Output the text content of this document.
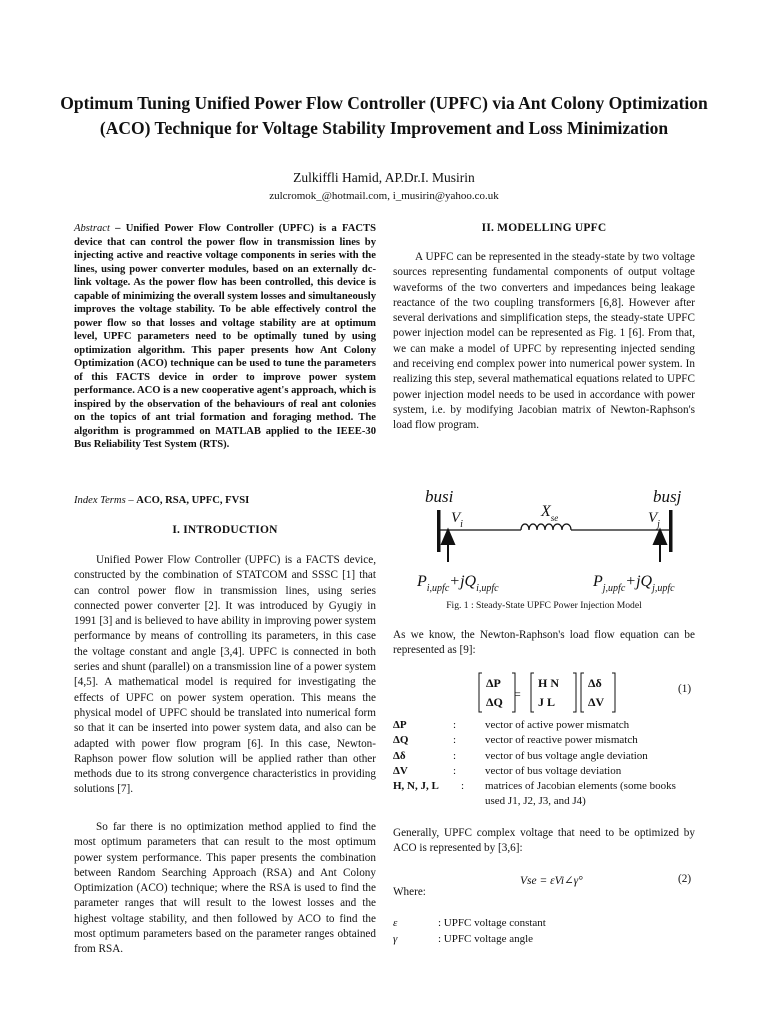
Optimum Tuning Unified Power Flow Controller (UPFC) via Ant Colony Optimization (ACO) Technique for Voltage Stability Improvement and Loss Minimization
Zulkiffli Hamid, AP.Dr.I. Musirin
zulcromok_@hotmail.com, i_musirin@yahoo.co.uk

Abstract – Unified Power Flow Controller (UPFC) is a FACTS device that can control the power flow in transmission lines by injecting active and reactive voltage components in series with the lines, using power converter modules, based on an externally dc-link voltage. As the power flow has been controlled, this device is capable of minimizing the overall system losses and simultaneously improves the voltage stability. To be able effectively control the power flow so that losses and voltage stability are at optimum level, UPFC parameters need to be optimally tuned by using optimization algorithm. This paper presents how Ant Colony Optimization (ACO) technique can be used to tune the parameters of this FACTS device in order to improve power system performance. ACO is a new cooperative agent's approach, which is inspired by the observation of the behaviours of real ant colonies on the topics of ant trial formation and foraging method. The algorithm is programmed on MATLAB applied to the IEEE-30 Bus Reliability Test System (RTS).

Index Terms – ACO, RSA, UPFC, FVSI

I. INTRODUCTION

Unified Power Flow Controller (UPFC) is a FACTS device, constructed by the combination of STATCOM and SSSC [1] that can control power flow in transmission lines, using series connected power converter [2]. It was introduced by Gyugiy in 1991 [3] and is believed to have ability in improving power system performance by means of controlling its parameters, in this case the voltage constant and angle [3,4]. UPFC is connected in both series and shunt (parallel) on a transmission line of a power system [4,5]. A mathematical model is required for investigating the effects of UPFC on power system operation. This means the physical model of UPFC should be translated into numerical form so that it can be inserted into power system data, and also can be adapted with power flow program [6]. In this case, Newton-Raphson power flow solution will be applied rather than other methods due to its strong convergence characteristics in providing solutions [7].

So far there is no optimization method applied to find the most optimum parameters that can result to the most optimum power system performance. This paper presents the combination between Random Searching Approach (RSA) and Ant Colony Optimization (ACO) technique; where the RSA is used to find the parameter ranges that will result to the lowest losses and the highest voltage stability, and then followed by ACO to find the most optimum parameters based on the parameter ranges obtained from RSA.

II. MODELLING UPFC

A UPFC can be represented in the steady-state by two voltage sources representing fundamental components of output voltage waveforms of the two converters and impedances being leakage reactance of the two coupling transformers [6,8]. However after several derivations and simplification steps, the steady-state UPFC power injection model can be represented as Fig. 1 [6]. From that, we can make a model of UPFC by representing injected sending and receiving end complex power into numerical power system. In realizing this step, several mathematical equations related to UPFC power injection model needs to be used in accordance with power system, i.e. by modifying Jacobian matrix of Newton-Raphson's load flow program.

busi	busj
$V_i$	$V_j$
$X_{se}$
$P_{i,upfc}+jQ_{i,upfc}$	$P_{j,upfc}+jQ_{j,upfc}$
Fig. 1 : Steady-State UPFC Power Injection Model

As we know, the Newton-Raphson's load flow equation can be represented as [9]:

ΔP
ΔQ
=
H N
J L
Δδ
ΔV
(1)
ΔP	:	vector of active power mismatch
ΔQ	:	vector of reactive power mismatch
Δδ	:	vector of bus voltage angle deviation
ΔV	:	vector of bus voltage deviation
H, N, J, L	:	matrices of Jacobian elements (some books used J1, J2, J3, and J4)

Generally, UPFC complex voltage that need to be optimized by ACO is represented by [3,6]:

Vse = εVi∠γ°	(2)
Where:
ε	: UPFC voltage constant
γ	: UPFC voltage angle
